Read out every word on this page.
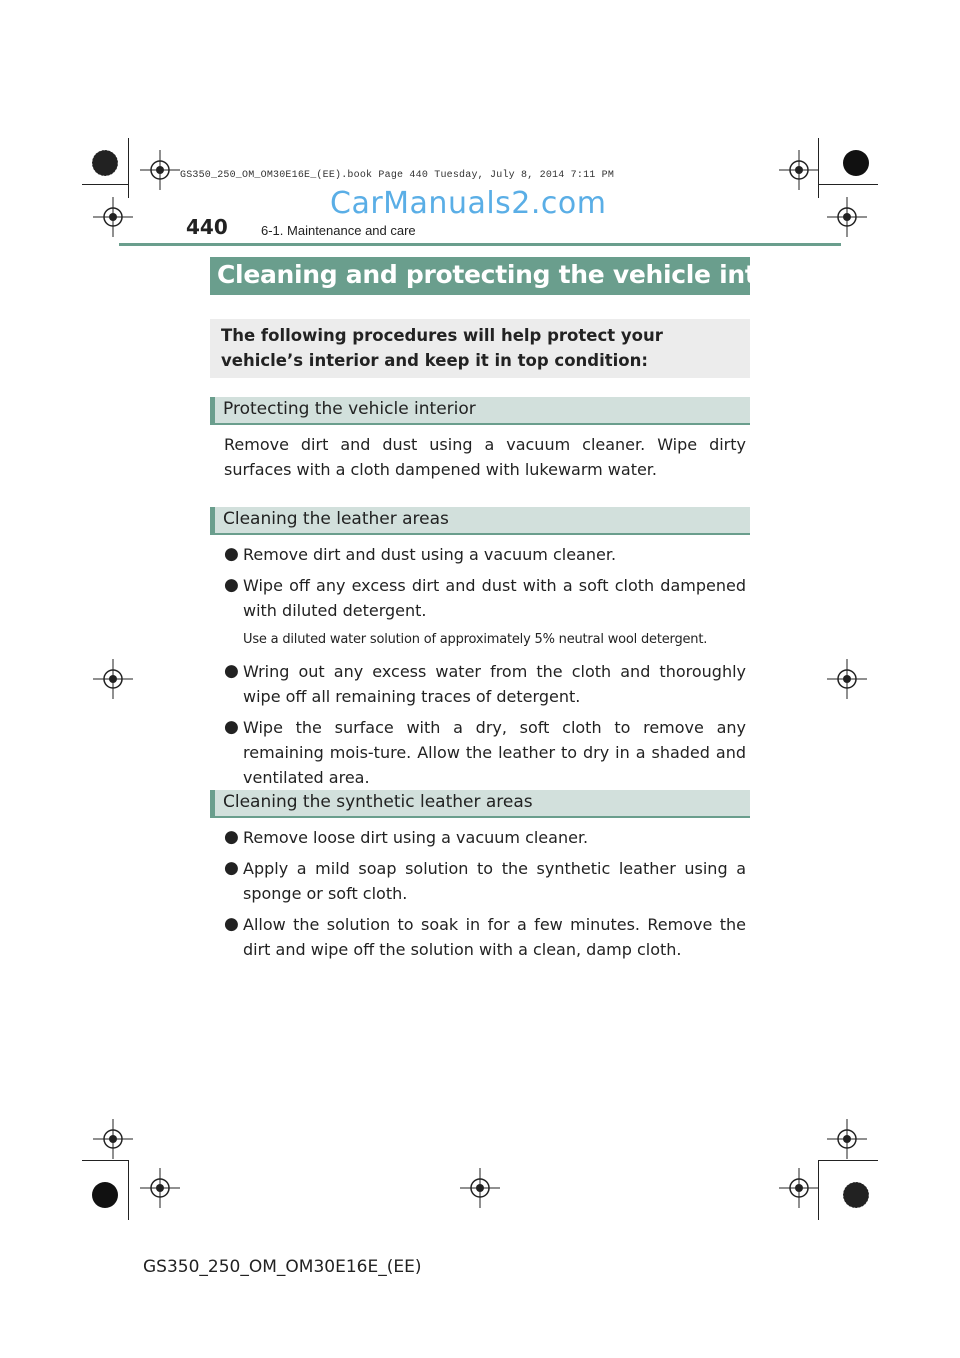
GS350_250_OM_OM30E16E_(EE).book Page 440 Tuesday, July 8, 2014 7:11 PM
CarManuals2.com
440	6-1. Maintenance and care
Cleaning and protecting the vehicle interior
The following procedures will help protect your vehicle’s interior and keep it in top condition:
Protecting the vehicle interior
Remove dirt and dust using a vacuum cleaner. Wipe dirty surfaces with a cloth dampened with lukewarm water.
Cleaning the leather areas
● Remove dirt and dust using a vacuum cleaner.
● Wipe off any excess dirt and dust with a soft cloth dampened with diluted detergent.
Use a diluted water solution of approximately 5% neutral wool detergent.
● Wring out any excess water from the cloth and thoroughly wipe off all remaining traces of detergent.
● Wipe the surface with a dry, soft cloth to remove any remaining mois-ture. Allow the leather to dry in a shaded and ventilated area.
Cleaning the synthetic leather areas
● Remove loose dirt using a vacuum cleaner.
● Apply a mild soap solution to the synthetic leather using a sponge or soft cloth.
● Allow the solution to soak in for a few minutes. Remove the dirt and wipe off the solution with a clean, damp cloth.
GS350_250_OM_OM30E16E_(EE)
